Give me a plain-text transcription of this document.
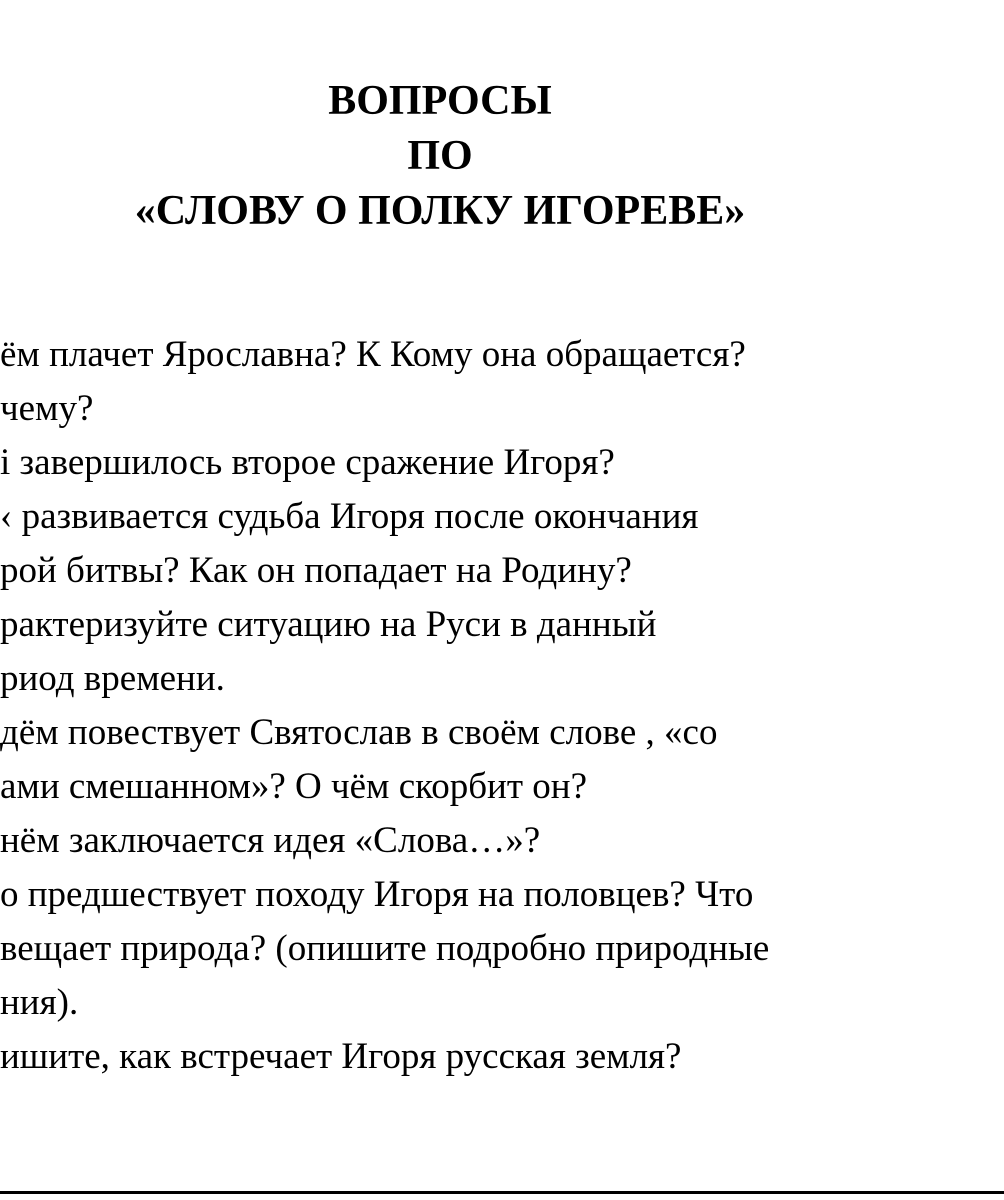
ВОПРОСЫ
ПО
«СЛОВУ О ПОЛКУ ИГОРЕВЕ»
ём плачет Ярославна? К Кому она обращается?
чему?
і завершилось второе сражение Игоря?
‹ развивается судьба Игоря после окончания
рой битвы? Как он попадает на Родину?
рактеризуйте ситуацию на Руси в данный
риод времени.
дём повествует Святослав в своём слове , «со
ами смешанном»? О чём скорбит он?
нём заключается идея «Слова…»?
о предшествует походу Игоря на половцев? Что
вещает природа? (опишите подробно природные
ния).
ишите, как встречает Игоря русская земля?
